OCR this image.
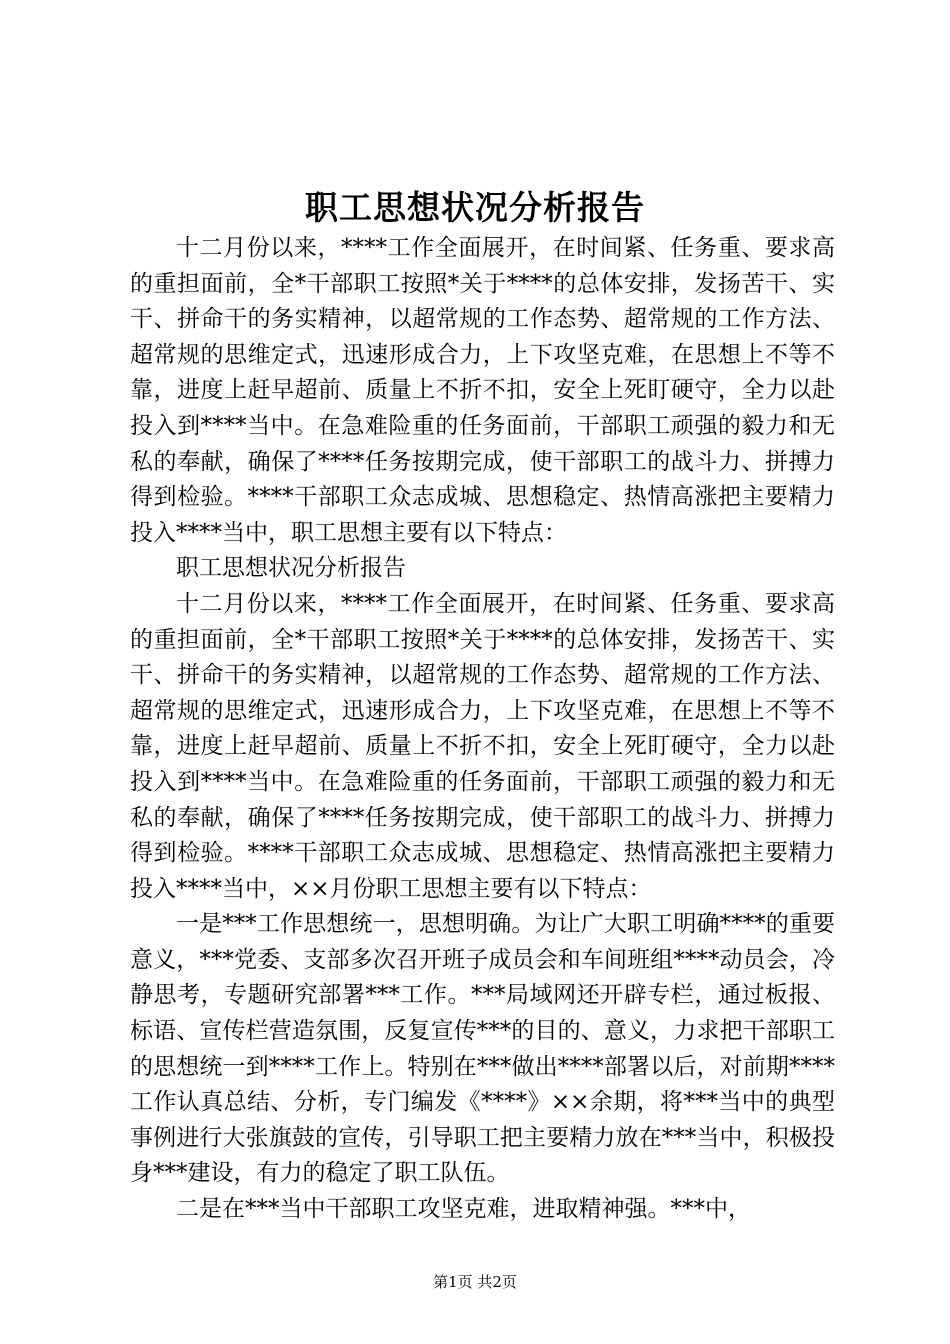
职工思想状况分析报告

十二月份以来，****工作全面展开，在时间紧、任务重、要求高的重担面前，全*干部职工按照*关于****的总体安排，发扬苦干、实干、拼命干的务实精神，以超常规的工作态势、超常规的工作方法、超常规的思维定式，迅速形成合力，上下攻坚克难，在思想上不等不靠，进度上赶早超前、质量上不折不扣，安全上死盯硬守，全力以赴投入到****当中。在急难险重的任务面前，干部职工顽强的毅力和无私的奉献，确保了****任务按期完成，使干部职工的战斗力、拼搏力得到检验。****干部职工众志成城、思想稳定、热情高涨把主要精力投入****当中，职工思想主要有以下特点：

职工思想状况分析报告

十二月份以来，****工作全面展开，在时间紧、任务重、要求高的重担面前，全*干部职工按照*关于****的总体安排，发扬苦干、实干、拼命干的务实精神，以超常规的工作态势、超常规的工作方法、超常规的思维定式，迅速形成合力，上下攻坚克难，在思想上不等不靠，进度上赶早超前、质量上不折不扣，安全上死盯硬守，全力以赴投入到****当中。在急难险重的任务面前，干部职工顽强的毅力和无私的奉献，确保了****任务按期完成，使干部职工的战斗力、拼搏力得到检验。****干部职工众志成城、思想稳定、热情高涨把主要精力投入****当中，××月份职工思想主要有以下特点：

一是***工作思想统一，思想明确。为让广大职工明确****的重要意义，***党委、支部多次召开班子成员会和车间班组****动员会，冷静思考，专题研究部署***工作。***局域网还开辟专栏，通过板报、标语、宣传栏营造氛围，反复宣传***的目的、意义，力求把干部职工的思想统一到****工作上。特别在***做出****部署以后，对前期****工作认真总结、分析，专门编发《****》××余期，将***当中的典型事例进行大张旗鼓的宣传，引导职工把主要精力放在***当中，积极投身***建设，有力的稳定了职工队伍。

二是在***当中干部职工攻坚克难，进取精神强。***中，

第1页 共2页
